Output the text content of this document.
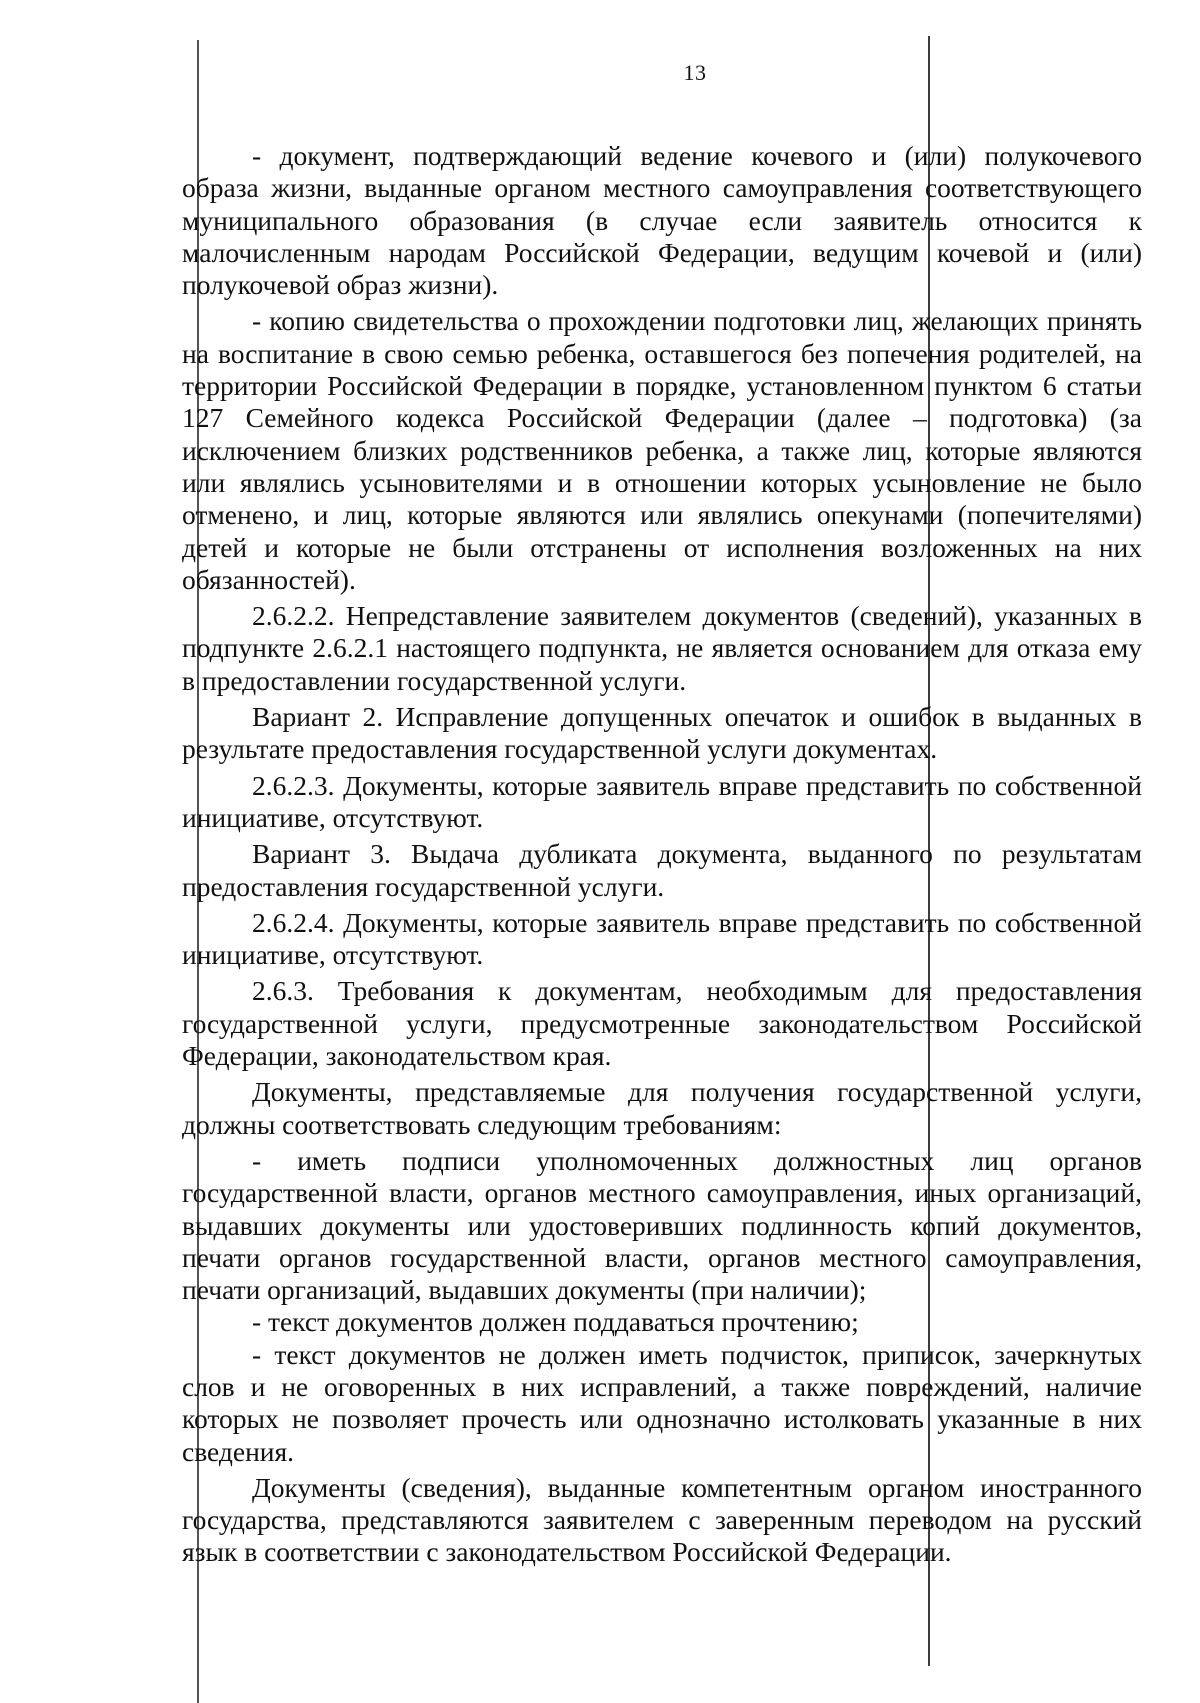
13

- документ, подтверждающий ведение кочевого и (или) полукочевого образа жизни, выданные органом местного самоуправления соответствующего муниципального образования (в случае если заявитель относится к малочисленным народам Российской Федерации, ведущим кочевой и (или) полукочевой образ жизни).

- копию свидетельства о прохождении подготовки лиц, желающих принять на воспитание в свою семью ребенка, оставшегося без попечения родителей, на территории Российской Федерации в порядке, установленном пунктом 6 статьи 127 Семейного кодекса Российской Федерации (далее – подготовка) (за исключением близких родственников ребенка, а также лиц, которые являются или являлись усыновителями и в отношении которых усыновление не было отменено, и лиц, которые являются или являлись опекунами (попечителями) детей и которые не были отстранены от исполнения возложенных на них обязанностей).

2.6.2.2. Непредставление заявителем документов (сведений), указанных в подпункте 2.6.2.1 настоящего подпункта, не является основанием для отказа ему в предоставлении государственной услуги.

Вариант 2. Исправление допущенных опечаток и ошибок в выданных в результате предоставления государственной услуги документах.

2.6.2.3. Документы, которые заявитель вправе представить по собственной инициативе, отсутствуют.

Вариант 3. Выдача дубликата документа, выданного по результатам предоставления государственной услуги.

2.6.2.4. Документы, которые заявитель вправе представить по собственной инициативе, отсутствуют.

2.6.3. Требования к документам, необходимым для предоставления государственной услуги, предусмотренные законодательством Российской Федерации, законодательством края.

Документы, представляемые для получения государственной услуги, должны соответствовать следующим требованиям:

- иметь подписи уполномоченных должностных лиц органов государственной власти, органов местного самоуправления, иных организаций, выдавших документы или удостоверивших подлинность копий документов, печати органов государственной власти, органов местного самоуправления, печати организаций, выдавших документы (при наличии);

- текст документов должен поддаваться прочтению;

- текст документов не должен иметь подчисток, приписок, зачеркнутых слов и не оговоренных в них исправлений, а также повреждений, наличие которых не позволяет прочесть или однозначно истолковать указанные в них сведения.

Документы (сведения), выданные компетентным органом иностранного государства, представляются заявителем с заверенным переводом на русский язык в соответствии с законодательством Российской Федерации.
